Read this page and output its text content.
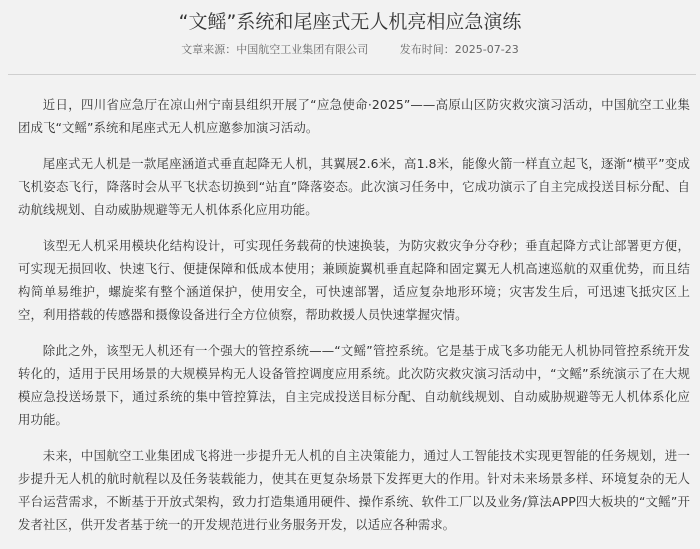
“文鳐”系统和尾座式无人机亮相应急演练
文章来源：中国航空工业集团有限公司	发布时间：2025-07-23

近日，四川省应急厅在凉山州宁南县组织开展了“应急使命·2025”——高原山区防灾救灾演习活动，中国航空工业集团成飞“文鳐”系统和尾座式无人机应邀参加演习活动。

尾座式无人机是一款尾座涵道式垂直起降无人机，其翼展2.6米，高1.8米，能像火箭一样直立起飞，逐渐“横平”变成飞机姿态飞行，降落时会从平飞状态切换到“站直”降落姿态。此次演习任务中，它成功演示了自主完成投送目标分配、自动航线规划、自动威胁规避等无人机体系化应用功能。

该型无人机采用模块化结构设计，可实现任务载荷的快速换装，为防灾救灾争分夺秒；垂直起降方式让部署更方便，可实现无损回收、快速飞行、便捷保障和低成本使用；兼顾旋翼机垂直起降和固定翼无人机高速巡航的双重优势，而且结构简单易维护，螺旋桨有整个涵道保护，使用安全，可快速部署，适应复杂地形环境；灾害发生后，可迅速飞抵灾区上空，利用搭载的传感器和摄像设备进行全方位侦察，帮助救援人员快速掌握灾情。

除此之外，该型无人机还有一个强大的管控系统——“文鳐”管控系统。它是基于成飞多功能无人机协同管控系统开发转化的，适用于民用场景的大规模异构无人设备管控调度应用系统。此次防灾救灾演习活动中，“文鳐”系统演示了在大规模应急投送场景下，通过系统的集中管控算法，自主完成投送目标分配、自动航线规划、自动威胁规避等无人机体系化应用功能。

未来，中国航空工业集团成飞将进一步提升无人机的自主决策能力，通过人工智能技术实现更智能的任务规划，进一步提升无人机的航时航程以及任务装载能力，使其在更复杂场景下发挥更大的作用。针对未来场景多样、环境复杂的无人平台运营需求，不断基于开放式架构，致力打造集通用硬件、操作系统、软件工厂以及业务/算法APP四大板块的“文鳐”开发者社区，供开发者基于统一的开发规范进行业务服务开发，以适应各种需求。
